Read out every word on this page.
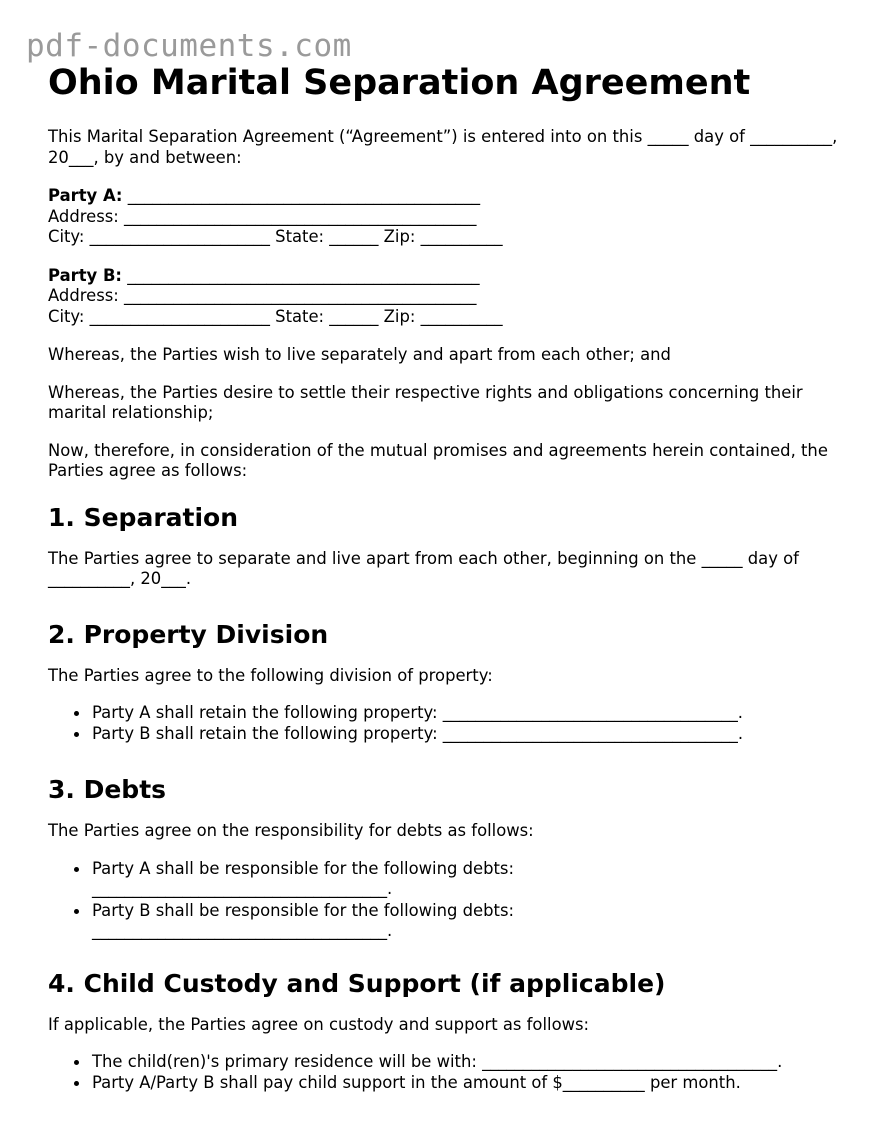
pdf-documents.com
Ohio Marital Separation Agreement

This Marital Separation Agreement (“Agreement”) is entered into on this _____ day of __________, 20___, by and between:

Party A: ___________________________________________
Address: ___________________________________________
City: ______________________ State: ______ Zip: __________
Party B: ___________________________________________
Address: ___________________________________________
City: ______________________ State: ______ Zip: __________

Whereas, the Parties wish to live separately and apart from each other; and

Whereas, the Parties desire to settle their respective rights and obligations concerning their marital relationship;

Now, therefore, in consideration of the mutual promises and agreements herein contained, the Parties agree as follows:

1. Separation

The Parties agree to separate and live apart from each other, beginning on the _____ day of __________, 20___.

2. Property Division

The Parties agree to the following division of property:

Party A shall retain the following property: ____________________________________.
Party B shall retain the following property: ____________________________________.
3. Debts

The Parties agree on the responsibility for debts as follows:

Party A shall be responsible for the following debts: ____________________________________.
Party B shall be responsible for the following debts: ____________________________________.
4. Child Custody and Support (if applicable)

If applicable, the Parties agree on custody and support as follows:

The child(ren)'s primary residence will be with: ____________________________________.
Party A/Party B shall pay child support in the amount of $__________ per month.
